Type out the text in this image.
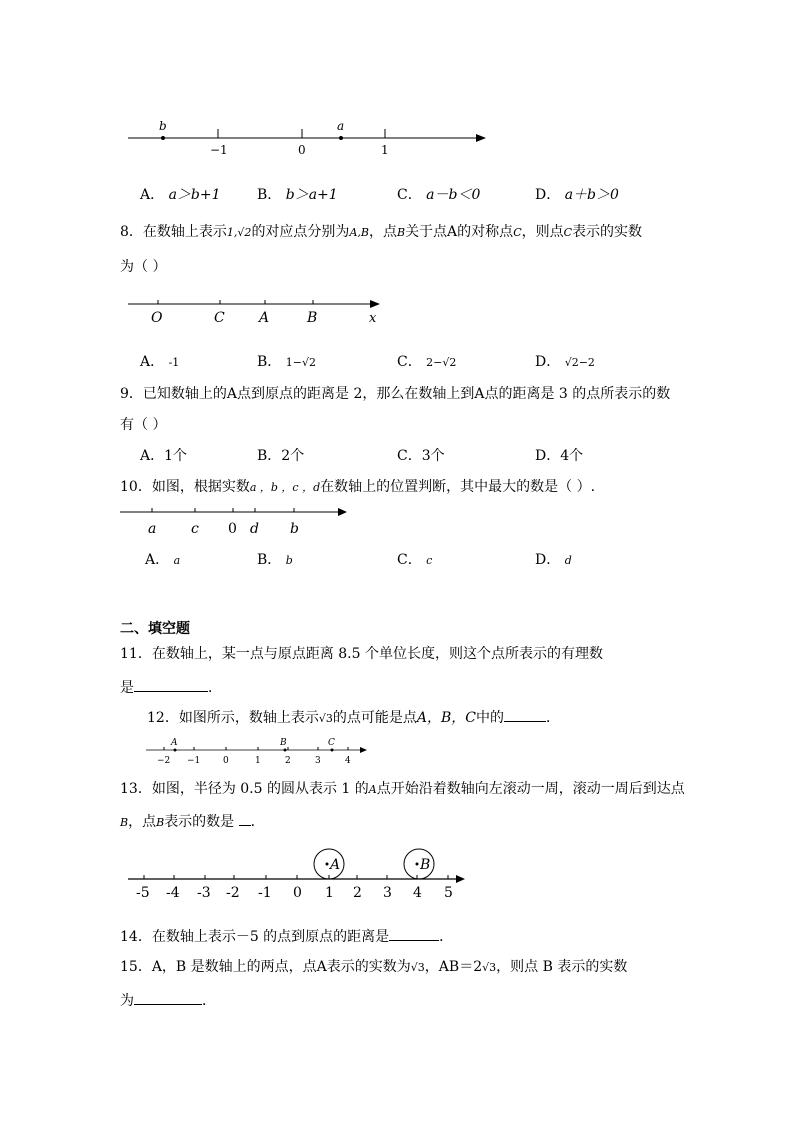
b	a
−1	0	1
A． a＞b+1	B． b＞a+1	C． a－b＜0	D． a＋b＞0
8．在数轴上表示1,√2的对应点分别为A,B，点B关于点A的对称点C，则点C表示的实数
为（ ）
O	C A	B	x
A． -1	B． 1−√2	C． 2−√2	D． √2−2
9．已知数轴上的A点到原点的距离是 2，那么在数轴上到A点的距离是 3 的点所表示的数
有（ ）
A．1个	B．2个	C．3个	D．4个
10．如图，根据实数a ，b ，c ，d在数轴上的位置判断，其中最大的数是（ ）.
a c 0 d b
A． a	B． b	C． c	D． d
二、填空题
11．在数轴上，某一点与原点距离 8.5 个单位长度，则这个点所表示的有理数
是	．
12．如图所示，数轴上表示√3的点可能是点A，B，C中的	．
A	B	C
−2 −1	0	1	2	3	4
13．如图，半径为 0.5 的圆从表示 1 的A点开始沿着数轴向左滚动一周，滚动一周后到达点
B，点B表示的数是 ．
A	B
-5 -4 -3 -2 -1 0 1 2 3 4 5
14．在数轴上表示－5 的点到原点的距离是	．
15．A，B 是数轴上的两点，点A表示的实数为√3，AB＝2√3，则点 B 表示的实数
为	．
